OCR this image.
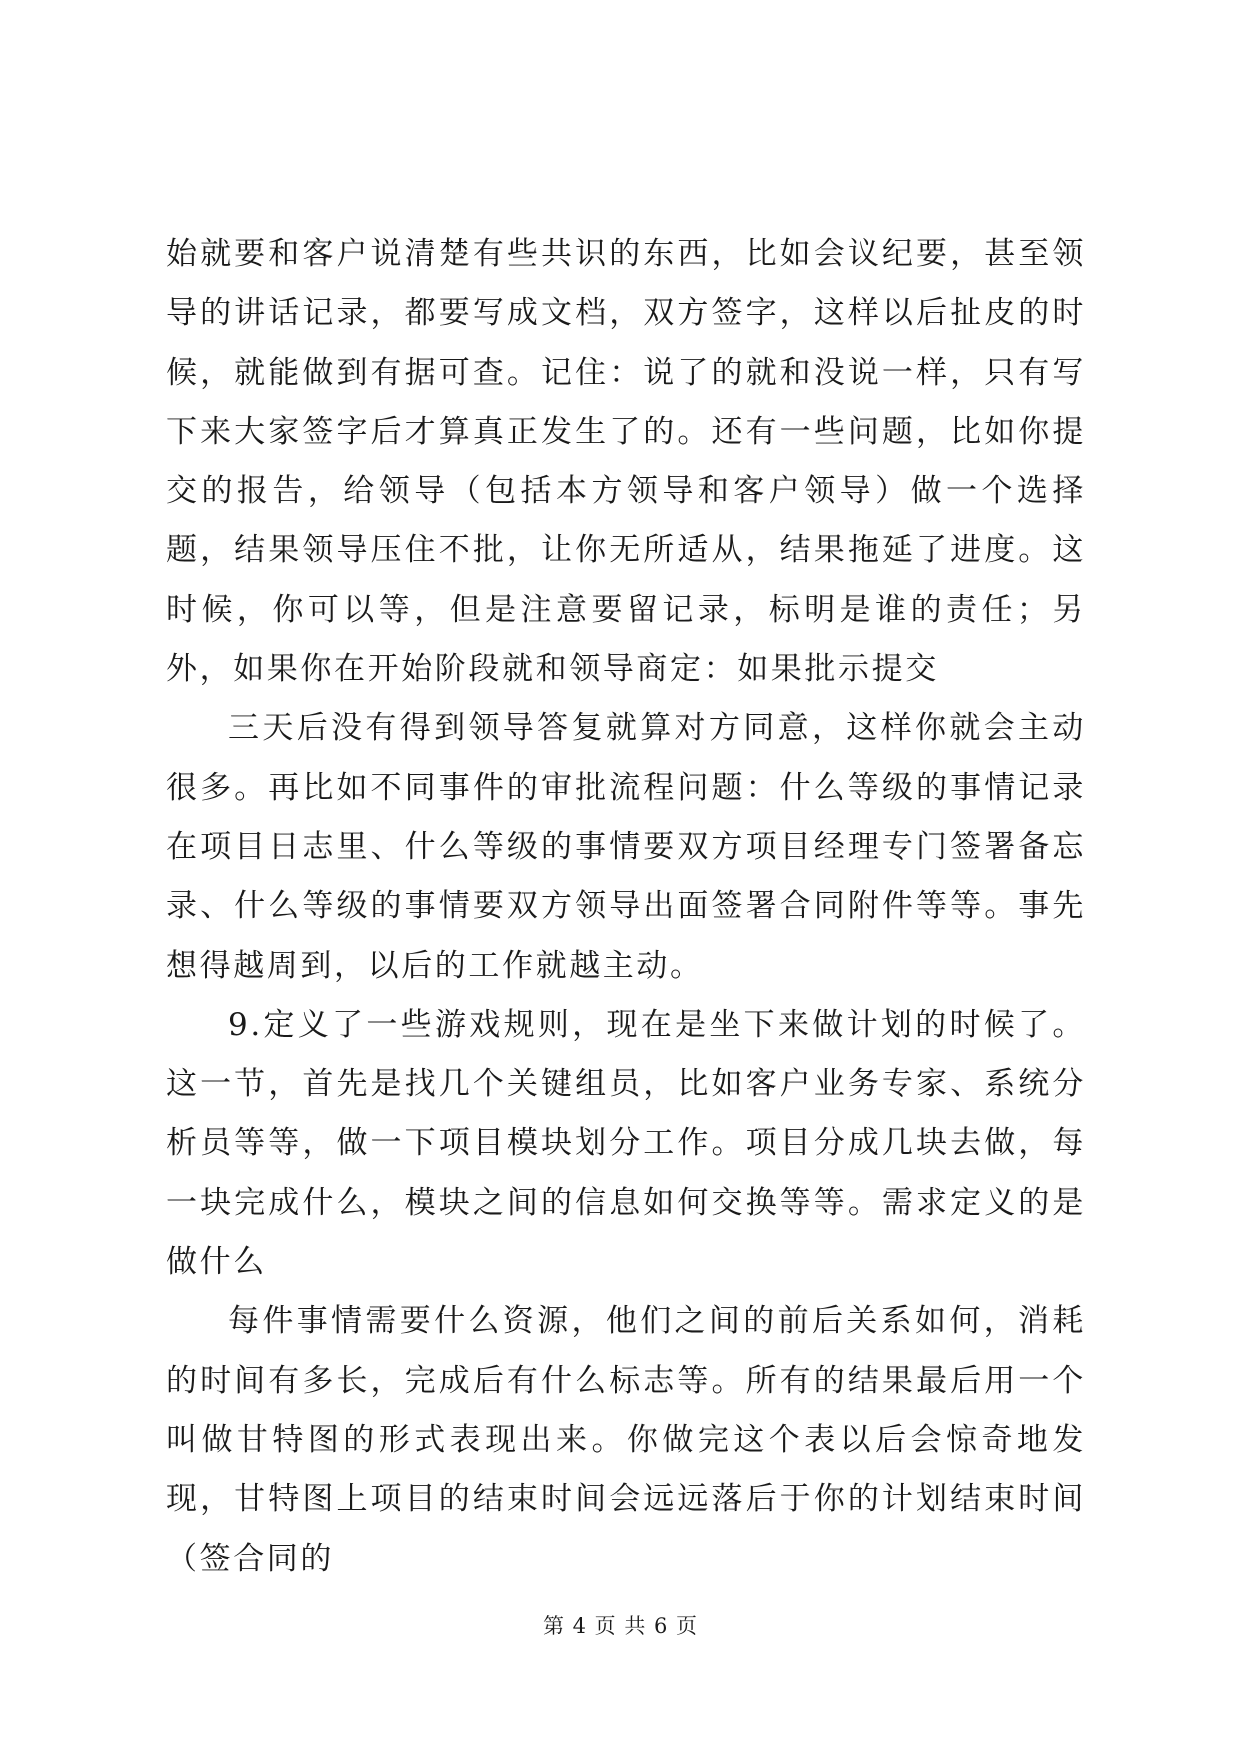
始就要和客户说清楚有些共识的东西，比如会议纪要，甚至领导的讲话记录，都要写成文档，双方签字，这样以后扯皮的时候，就能做到有据可查。记住：说了的就和没说一样，只有写下来大家签字后才算真正发生了的。还有一些问题，比如你提交的报告，给领导（包括本方领导和客户领导）做一个选择题，结果领导压住不批，让你无所适从，结果拖延了进度。这时候，你可以等，但是注意要留记录，标明是谁的责任；另外，如果你在开始阶段就和领导商定：如果批示提交

三天后没有得到领导答复就算对方同意，这样你就会主动很多。再比如不同事件的审批流程问题：什么等级的事情记录在项目日志里、什么等级的事情要双方项目经理专门签署备忘录、什么等级的事情要双方领导出面签署合同附件等等。事先想得越周到，以后的工作就越主动。

9.定义了一些游戏规则，现在是坐下来做计划的时候了。这一节，首先是找几个关键组员，比如客户业务专家、系统分析员等等，做一下项目模块划分工作。项目分成几块去做，每一块完成什么，模块之间的信息如何交换等等。需求定义的是做什么

每件事情需要什么资源，他们之间的前后关系如何，消耗的时间有多长，完成后有什么标志等。所有的结果最后用一个叫做甘特图的形式表现出来。你做完这个表以后会惊奇地发现，甘特图上项目的结束时间会远远落后于你的计划结束时间（签合同的

第 4 页 共 6 页
